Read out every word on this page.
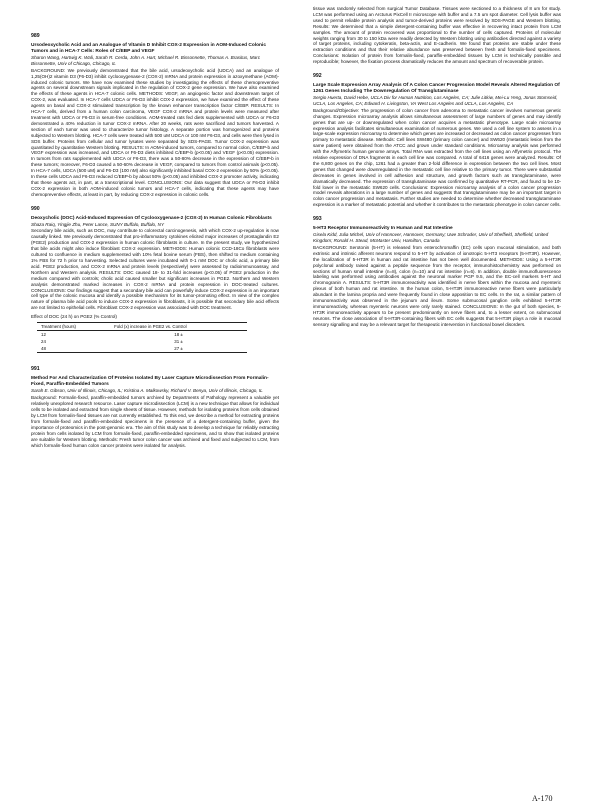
989
Ursodeoxycholic Acid and an Analogue of Vitamin D Inhibit COX-2 Expression in AOM-Induced Colonic Tumors and in HCA-7 Cells: Roles of C/EBP and VEGF
Sharon Wang, Hartwig K. Wali, Sarah R. Cerda, John A. Hart, Michael R. Bissonnette, Thomas A. Brasitus, Marc Bissonnette, Univ of Chicago, Chicago, IL

BACKGROUND: We previously demonstrated that the bile acid, ursodeoxycholic acid (UDCA) and an analogue of 1,25(OH)2 vitamin D3 (F6-D3) inhibit cyclooxygenase-2 (COX-2) mRNA and protein expression in azoxymethane (AOM)-induced colonic tumors. We have now examined these studies by investigating the effects of these chemopreventive agents on several downstream signals implicated in the regulation of COX-2 gene expression. We have also examined the effects of these agents in HCA-7 colonic cells. METHODS: VEGF, an angiogenic factor and downstream target of COX-2, was evaluated. In HCA-7 cells UDCA or F6-D3 inhibit COX-2 expression, we have examined the effect of these agents on basal and COX-2 stimulated transcription by the known enhancer transcription factor C/EBP. RESULTS: In HCA-7 cells, derived from a human colon carcinoma, VEGF COX-2 mRNA and protein levels were measured after treatment with UDCA or F6-D3 in serum-free conditions. AOM-treated rats fed diets supplemented with UDCA or F6-D3 demonstrated a 40% reduction in tumor COX-2 mRNA. After 20 weeks, rats were sacrificed and tumors harvested. A section of each tumor was used to characterize tumor histology. A separate portion was homogenized and proteins subjected to Western blotting. HCA-7 cells were treated with 500 uM UDCA or 100 nM F6-D3, and cells were then lysed in SDS buffer. Proteins from cellular and tumor lysates were separated by SDS-PAGE. Tumor COX-2 expression was quantitated by quantitative Western blotting. RESULTS: In AOM-induced tumors, compared to normal colon, C/EBP-b and VEGF expression was increased, and UDCA or F6-D3 diets inhibited C/EBP-b (p<0.05) and VEGF (p<0.05) expression. In tumors from rats supplemented with UDCA or F6-D3, there was a 50-80% decrease in the expression of C/EBP-b in these tumors; moreover, F6-D3 caused a 50-60% decrease in VEGF, compared to tumors from control animals (p<0.05). In HCA-7 cells, UDCA (500 uM) and F6-D3 (100 nM) also significantly inhibited basal COX-2 expression by 50% (p<0.05). In these cells UDCA and F6-D3 reduced C/EBP-b by about 50% (p<0.05) and inhibited COX-2 promoter activity, indicating that these agents act, in part, at a transcriptional level. CONCLUSIONS: Our data suggest that UDCA or F6-D3 inhibit COX-2 expression in both AOM-induced colonic tumors and HCA-7 cells, indicating that these agents may have chemopreventive effects, at least in part, by reducing COX-2 expression in colonic cells.

990
Deoxycholic (DOC) Acid-Induced Expression Of Cyclooxygenase-2 (COX-2) In Human Colonic Fibroblasts
Shaza Raiq, Yingjie Zhu, Peter Lance, SUNY Buffalo, Buffalo, NY

Secondary bile acids, such as DOC, may contribute to colorectal carcinogenesis, with which COX-2 up-regulation is now causally linked. We previously demonstrated that pro-inflammatory cytokines elicited major increases of prostaglandin E2 (PGE2) production and COX-2 expression in human colonic fibroblasts in culture. In the present study, we hypothesized that bile acids might also induce fibroblast COX-2 expression. METHODS: Human colonic CCD-18Co fibroblasts were cultured to confluence in medium supplemented with 10% fetal bovine serum (FBS), then shifted to medium containing 1% FBS for 72 h prior to harvesting. Selected cultures were incubated with 0-1 mM DOC or cholic acid, a primary bile acid. PGE2 production, and COX-2 mRNA and protein levels (respectively) were assessed by radioimmunoassay, and Northern and Western analysis. RESULTS: DOC caused 18- to 31-fold increases (p<0.05) of PGE2 production in the medium compared with controls; cholic acid caused smaller but significant increases in PGE2. Northern and Western analysis demonstrated marked increases in COX-2 mRNA and protein expression in DOC-treated cultures. CONCLUSIONS: Our findings suggest that a secondary bile acid can powerfully induce COX-2 expression in an important cell type of the colonic mucosa and identify a possible mechanism for its tumor-promoting effect. In view of the complex nature of plasma bile acid pools to induce COX-2 expression in fibroblasts, it is possible that secondary bile acid effects are not limited to epithelial cells. Fibroblast COX-2 expression was associated with DOC treatment.

Effect of DOC (24 h) on PGE2 (% Control)
Treatment (hours)	Fold (x) increase in PGE2 vs. Control
12	18 ±
24	31 ±
48	27 ±
991
Method For And Characterization Of Proteins Isolated By Laser Capture Microdissection From Formalin-Fixed, Paraffin-Embedded Tumors
Sarah E. Gibson, Univ of Illinois, Chicago, IL; Kristina A. Malkowsky, Richard V. Benya, Univ of Illinois, Chicago, IL

Background: Formalin-fixed, paraffin-embedded tumors archived by Departments of Pathology represent a valuable yet relatively unexplored research resource. Laser capture microdissection (LCM) is a new technique that allows for individual cells to be isolated and extracted from single sheets of tissue. However, methods for isolating proteins from cells obtained by LCM from formalin-fixed tissues are not currently established. To this end, we describe a method for extracting proteins from formalin-fixed and paraffin-embedded specimens in the presence of a detergent-containing buffer, given the importance of proteomics in the post-genomic era. The aim of this study was to develop a technique for reliably extracting protein from cells isolated by LCM from formalin-fixed, paraffin-embedded specimens, and to show that isolated proteins are suitable for Western blotting. Methods: Fresh tumor colon cancer was archived and fixed and subjected to LCM, from which formalin-fixed human colon cancer proteins were isolated for analysis.

tissue was randomly selected from surgical Tumor Database. Tissues were sectioned to a thickness of 8 um for study. LCM was performed using an Arcturus PixCell II microscope with buffer and a 7.5 um spot diameter. Cell lysis buffer was used to permit reliable protein analysis and tumor-derived proteins were resolved by SDS-PAGE and Western blotting. Results: We determined that a simple detergent-containing buffer was effective in recovering intact protein from LCM samples. The amount of protein recovered was proportional to the number of cells captured. Proteins of molecular weights ranging from 30 to 150 kDa were readily detected by Western blotting using antibodies directed against a variety of target proteins, including cytokeratin, beta-actin, and E-cadherin. We found that proteins are stable under these extraction conditions and that their relative abundance was preserved between fresh and formalin-fixed specimens. Conclusions: Isolation of protein from formalin-fixed, paraffin-embedded tissues by LCM is technically possible and reproducible; however, the fixation process dramatically reduces the amount and spectrum of recoverable protein.

992
Large Scale Expression Array Analysis Of A Colon Cancer Progression Model Reveals Altered Regulation Of 1261 Genes Including The Downregulation Of Transglutaminase
Sergio Huerta, David Hebe, UCLA Div for Human Nutrition, Los Angeles, CA; Julie Litkiw, Mei-Lu Yeng, Jonas Stomseid, UCLA, Los Angeles, CA; Edward H. Livingston, VA West Los Angeles and UCLA, Los Angeles, CA

Background/Objective: The progression of colon cancer from adenoma to metastatic cancer involves numerous genetic changes. Expression microarray analysis allows simultaneous assessment of large numbers of genes and may identify genes that are up- or downregulated when colon cancer acquires a metastatic phenotype. Large scale microarray expression analysis facilitates simultaneous examination of numerous genes. We used a cell line system to assess in a large-scale expression microarray to determine which genes are increased or decreased as colon cancer progresses from primary to metastatic disease. Methods: Cell lines SW480 (primary colon cancer) and SW620 (metastatic lesion from the same patient) were obtained from the ATCC and grown under standard conditions. Microarray analysis was performed with the Affymetrix human genome arrays. Total RNA was extracted from the cell lines using an Affymetrix protocol. The relative expression of DNA fragments in each cell line was compared. A total of 6416 genes were analyzed. Results: Of the 6,800 genes on the chip, 1261 had a greater than 2-fold difference in expression between the two cell lines. Most genes that changed were downregulated in the metastatic cell line relative to the primary tumor. There were substantial decreases in genes involved in cell adhesion and structure, and growth factors such as transglutaminase, were dramatically decreased. The expression of transglutaminase was confirmed by quantitative RT-PCR, and found to be 10-fold lower in the metastatic SW620 cells. Conclusions: Expression microarray analysis of a colon cancer progression model reveals alterations in a large number of genes and suggests that transglutaminase may be an important target in colon cancer progression and metastasis. Further studies are needed to determine whether decreased transglutaminase expression is a marker of metastatic potential and whether it contributes to the metastatic phenotype in colon cancer cells.

993
5-HT3 Receptor Immunoreactivity In Human and Rat Intestine
Gisela Kidd, Julia Michel, Univ of Hannover, Hannover, Germany; Uwe Schrader, Univ of Sheffield, Sheffield, United Kingdom; Ronald H. Stead, McMaster Univ, Hamilton, Canada

BACKGROUND: Serotonin (5-HT) is released from enterochromaffin (EC) cells upon mucosal stimulation, and both extrinsic and intrinsic afferent neurons respond to 5-HT by activation of ionotropic 5-HT3 receptors (5-HT3R). However, the localization of 5-HT3R in human and rat intestine has not been well documented. METHODS: Using a 5-HT3R polyclonal antibody raised against a peptide sequence from the receptor, immunohistochemistry was performed on sections of human small intestine (n=8), colon (n=10) and rat intestine (n=6). In addition, double immunofluorescence labeling was performed using antibodies against the neuronal marker PGP 9.5, and the EC-cell markers 5-HT and chromogranin A. RESULTS: 5-HT3R immunoreactivity was identified in nerve fibers within the mucosa and myenteric plexus of both human and rat intestine. In the human colon, 5-HT3R immunoreactive nerve fibers were particularly abundant in the lamina propria and were frequently found in close apposition to EC cells. In the rat, a similar pattern of immunoreactivity was observed in the jejunum and ileum. Some submucosal ganglion cells exhibited 5-HT3R immunoreactivity, whereas myenteric neurons were only rarely stained. CONCLUSIONS: In the gut of both species, 5-HT3R immunoreactivity appears to be present predominantly on nerve fibers and, to a lesser extent, on submucosal neurons. The close association of 5-HT3R-containing fibers with EC cells suggests that 5-HT3R plays a role in mucosal sensory signalling and may be a relevant target for therapeutic intervention in functional bowel disorders.

A-170
